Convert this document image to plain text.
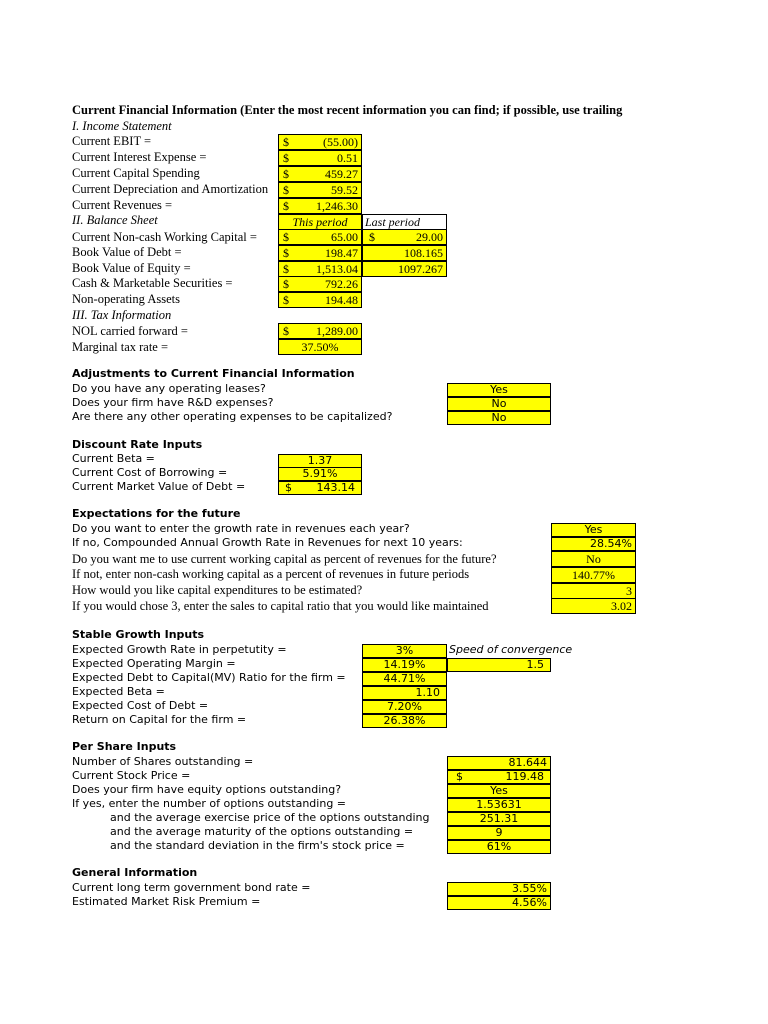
Current Financial Information (Enter the most recent information you can find; if possible, use trailing
I. Income Statement
Current EBIT =	$	(55.00)
Current Interest Expense =	$	0.51
Current Capital Spending	$	459.27
Current Depreciation and Amortization	$	59.52
Current Revenues =	$ 1,246.30
II. Balance Sheet	This period	Last period
Current Non-cash Working Capital =	$	65.00 $	29.00
Book Value of Debt =	$	198.47	108.165
Book Value of Equity =	$ 1,513.04	1097.267
Cash & Marketable Securities =	$	792.26
Non-operating Assets	$	194.48
III. Tax Information
NOL carried forward =	$ 1,289.00
Marginal tax rate =	37.50%
Adjustments to Current Financial Information
Do you have any operating leases?	Yes
Does your firm have R&D expenses?	No
Are there any other operating expenses to be capitalized?	No
Discount Rate Inputs
Current Beta =	1.37
Current Cost of Borrowing =	5.91%
Current Market Value of Debt =	$ 143.14
Expectations for the future
Do you want to enter the growth rate in revenues each year?	Yes
If no, Compounded Annual Growth Rate in Revenues for next 10 years:	28.54%
Do you want me to use current working capital as percent of revenues for the future?	No
If not, enter non-cash working capital as a percent of revenues in future periods	140.77%
How would you like capital expenditures to be estimated?	3
If you would chose 3, enter the sales to capital ratio that you would like maintained	3.02
Stable Growth Inputs
Expected Growth Rate in perpetutity =	3%	Speed of convergence
Expected Operating Margin =	14.19%	1.5
Expected Debt to Capital(MV) Ratio for the firm =	44.71%
Expected Beta =	1.10
Expected Cost of Debt =	7.20%
Return on Capital for the firm =	26.38%
Per Share Inputs
Number of Shares outstanding =	81.644
Current Stock Price =	$	119.48
Does your firm have equity options outstanding?	Yes
If yes, enter the number of options outstanding =	1.53631
and the average exercise price of the options outstanding	251.31
and the average maturity of the options outstanding =	9
and the standard deviation in the firm's stock price =	61%
General Information
Current long term government bond rate =	3.55%
Estimated Market Risk Premium =	4.56%
